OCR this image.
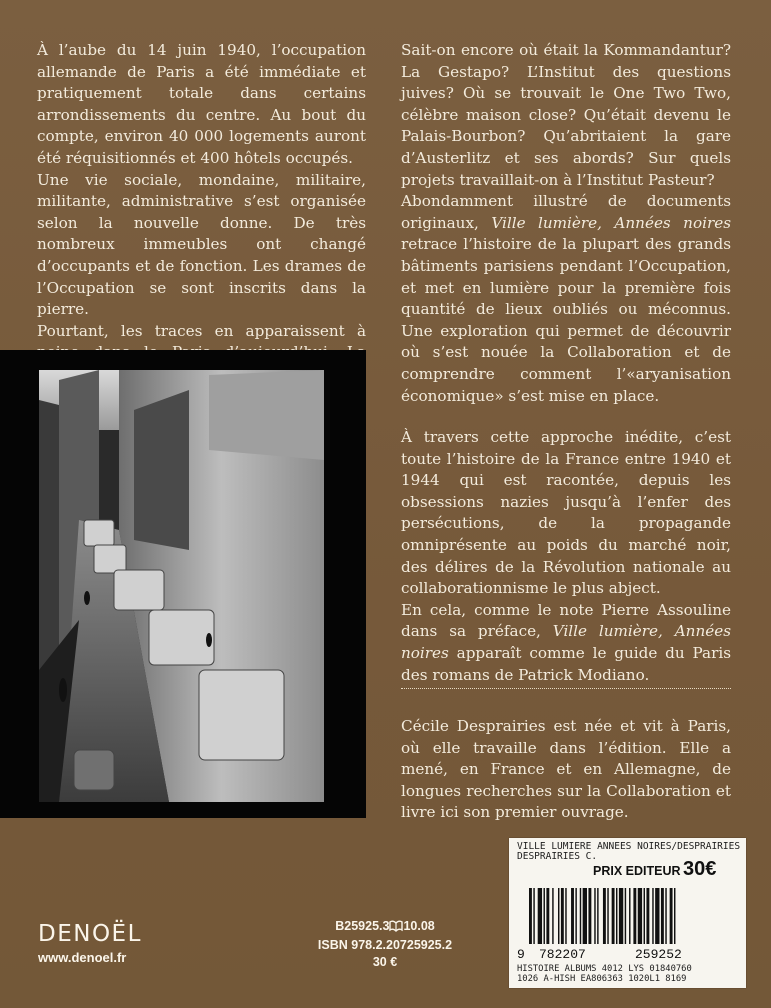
À l’aube du 14 juin 1940, l’occupation allemande de Paris a été immédiate et pratiquement totale dans certains arrondissements du centre. Au bout du compte, environ 40 000 logements auront été réquisitionnés et 400 hôtels occupés.

Une vie sociale, mondaine, militaire, militante, administrative s’est organisée selon la nouvelle donne. De très nombreux immeubles ont changé d’occupants et de fonction. Les drames de l’Occupation se sont inscrits dans la pierre.

Pourtant, les traces en apparaissent à

Sait-on encore où était la Kommandantur? La Gestapo? L’Institut des questions juives? Où se trouvait le One Two Two, célèbre maison close? Qu’était devenu le Palais-Bourbon? Qu’abritaient la gare d’Austerlitz et ses abords? Sur quels projets travaillait-on à l’Institut Pasteur?

Abondamment illustré de documents originaux, Ville lumière, Années noires retrace l’histoire de la plupart des grands bâtiments parisiens pendant l’Occupation, et met en lumière pour la première fois quantité de lieux oubliés ou méconnus. Une exploration qui permet de découvrir où s’est nouée la Collaboration et de comprendre comment l’«aryanisation économique» s’est mise en place.

À travers cette approche inédite, c’est toute l’histoire de la France entre 1940 et 1944 qui est racontée, depuis les obsessions nazies jusqu’à l’enfer des persécutions, de la propagande omniprésente au poids du marché noir, des délires de la Révolution nationale au collaborationnisme le plus abject.

En cela, comme le note Pierre Assouline dans sa préface, Ville lumière, Années noires apparaît comme le guide du Paris des romans de Patrick Modiano.

Cécile Desprairies est née et vit à Paris, où elle travaille dans l’édition. Elle a mené, en France et en Allemagne, de longues recherches sur la Collaboration et livre ici son premier ouvrage.

DENOËL
www.denoel.fr
B25925.3 10.08
ISBN 978.2.20725925.2
30 €
VILLE LUMIERE ANNEES NOIRES/DESPRAIRIES
DESPRAIRIES C.
PRIX EDITEUR 30€
9 782207	259252
HISTOIRE ALBUMS 4012 LYS 01840760
1026 A-HISH EA806363 1020L1 8169
